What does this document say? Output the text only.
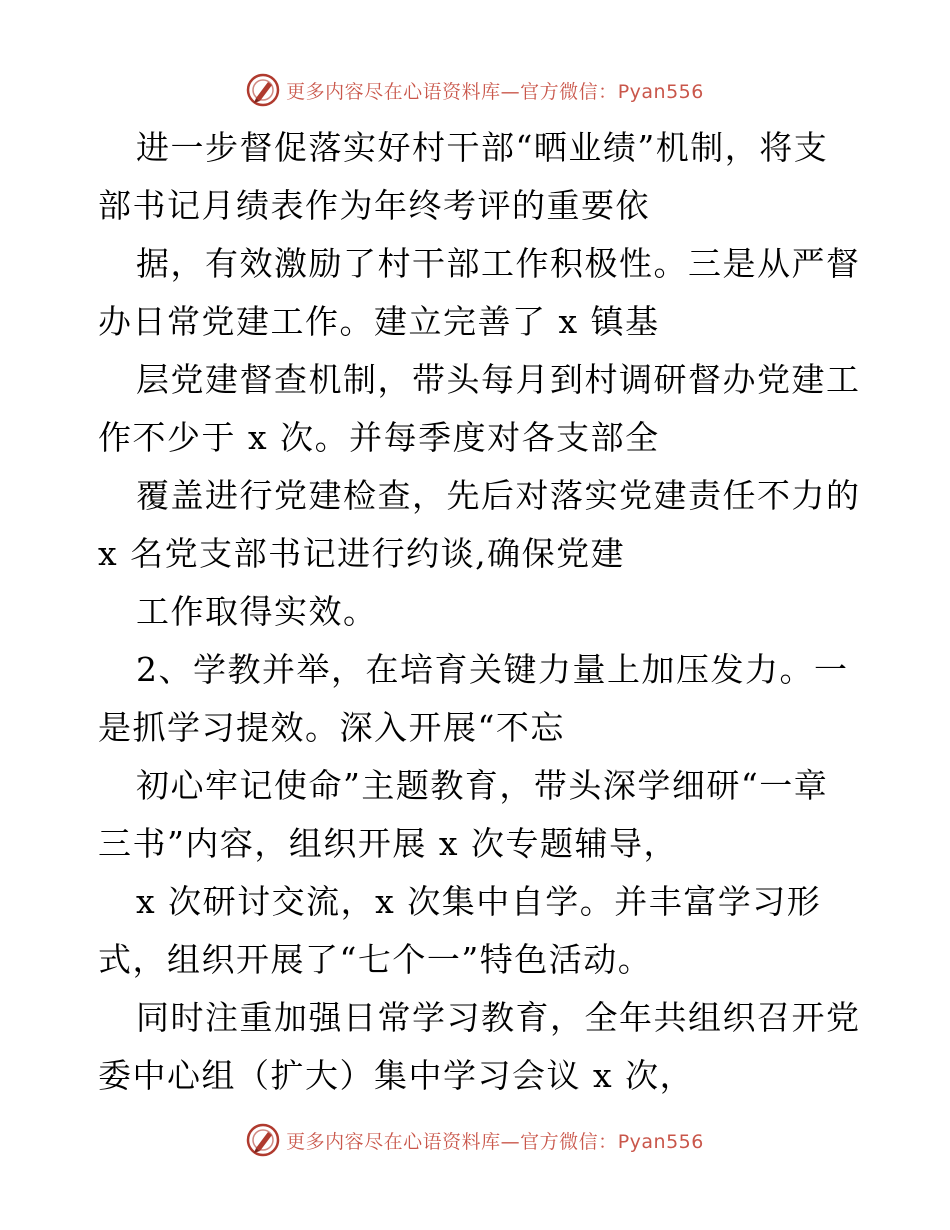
更多内容尽在心语资料库—官方微信：Pyan556
进一步督促落实好村干部“晒业绩”机制，将支
部书记月绩表作为年终考评的重要依
据，有效激励了村干部工作积极性。三是从严督
办日常党建工作。建立完善了 x 镇基
层党建督查机制，带头每月到村调研督办党建工
作不少于 x 次。并每季度对各支部全
覆盖进行党建检查，先后对落实党建责任不力的
x 名党支部书记进行约谈,确保党建
工作取得实效。
2、学教并举，在培育关键力量上加压发力。一
是抓学习提效。深入开展“不忘
初心牢记使命”主题教育，带头深学细研“一章
三书”内容，组织开展 x 次专题辅导，
x 次研讨交流，x 次集中自学。并丰富学习形
式，组织开展了“七个一”特色活动。
同时注重加强日常学习教育，全年共组织召开党
委中心组（扩大）集中学习会议 x 次，
更多内容尽在心语资料库—官方微信：Pyan556
